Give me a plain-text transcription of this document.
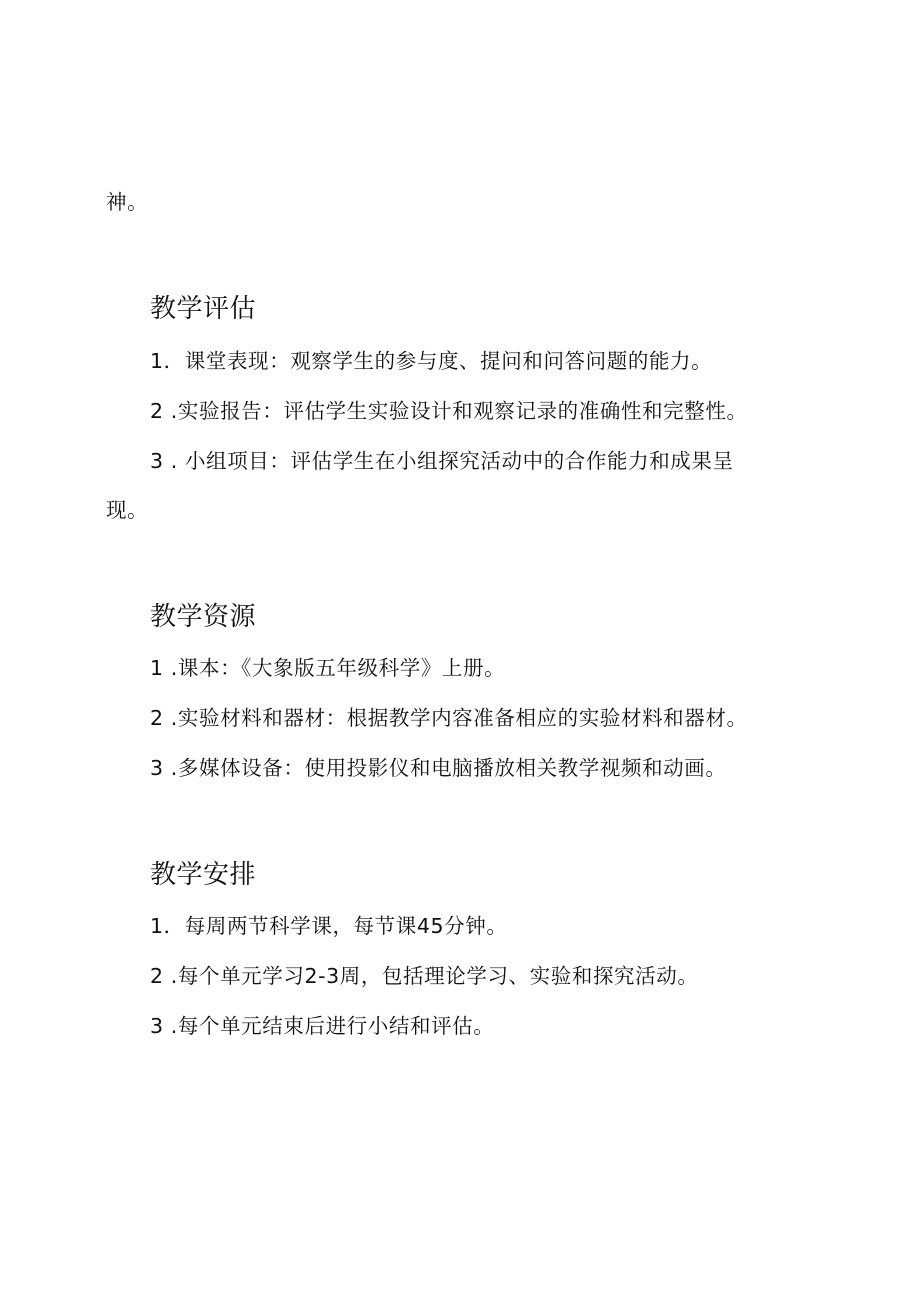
神。
教学评估
1．课堂表现：观察学生的参与度、提问和问答问题的能力。
2 .实验报告：评估学生实验设计和观察记录的准确性和完整性。
3 . 小组项目：评估学生在小组探究活动中的合作能力和成果呈
现。
教学资源
1 .课本：《大象版五年级科学》上册。
2 .实验材料和器材：根据教学内容准备相应的实验材料和器材。
3 .多媒体设备：使用投影仪和电脑播放相关教学视频和动画。
教学安排
1．每周两节科学课，每节课45分钟。
2 .每个单元学习2-3周，包括理论学习、实验和探究活动。
3 .每个单元结束后进行小结和评估。
